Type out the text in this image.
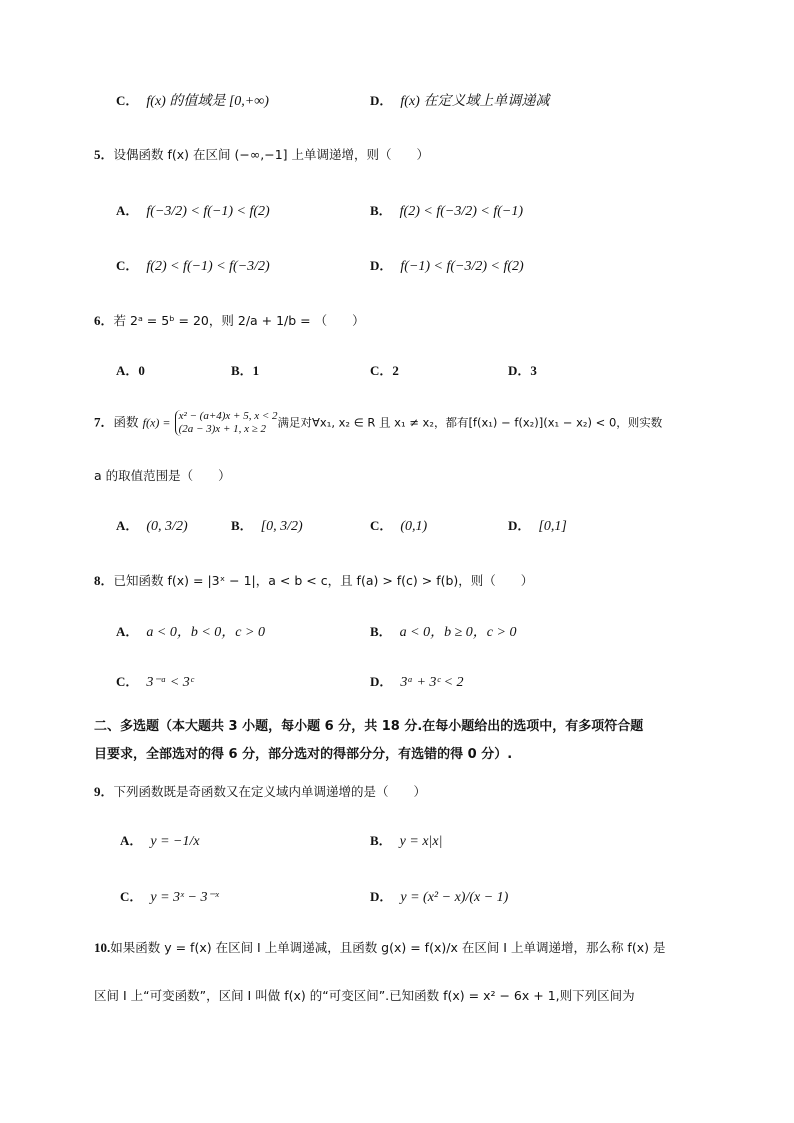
C． f(x) 的值域是 [0,+∞)	D． f(x) 在定义域上单调递减
5．设偶函数 f(x) 在区间 (−∞,−1] 上单调递增，则（　　）
A． f(−3/2) < f(−1) < f(2)	B． f(2) < f(−3/2) < f(−1)
C． f(2) < f(−1) < f(−3/2)	D． f(−1) < f(−3/2) < f(2)
6．若 2ᵃ = 5ᵇ = 20，则 2/a + 1/b = （　　）
A．0	B．1	C．2	D．3
7．函数 f(x) = x² − (a+4)x + 5, x < 2
(2a − 3)x + 1, x ≥ 2 满足对∀x₁, x₂ ∈ R 且 x₁ ≠ x₂，都有[f(x₁) − f(x₂)](x₁ − x₂) < 0，则实数
a 的取值范围是（　　）
A． (0, 3/2)	B． [0, 3/2)	C． (0,1)	D． [0,1]
8．已知函数 f(x) = |3ˣ − 1|，a < b < c，且 f(a) > f(c) > f(b)，则（　　）
A． a < 0，b < 0，c > 0	B． a < 0，b ≥ 0，c > 0
C． 3⁻ᵃ < 3ᶜ	D． 3ᵃ + 3ᶜ < 2
二、多选题（本大题共 3 小题，每小题 6 分，共 18 分.在每小题给出的选项中，有多项符合题
目要求，全部选对的得 6 分，部分选对的得部分分，有选错的得 0 分）.
9．下列函数既是奇函数又在定义域内单调递增的是（　　）
A． y = −1/x	B． y = x|x|
C． y = 3ˣ − 3⁻ˣ	D． y = (x² − x)/(x − 1)
10.如果函数 y = f(x) 在区间 I 上单调递减，且函数 g(x) = f(x)/x 在区间 I 上单调递增，那么称 f(x) 是
区间 I 上“可变函数”，区间 I 叫做 f(x) 的“可变区间”.已知函数 f(x) = x² − 6x + 1,则下列区间为
